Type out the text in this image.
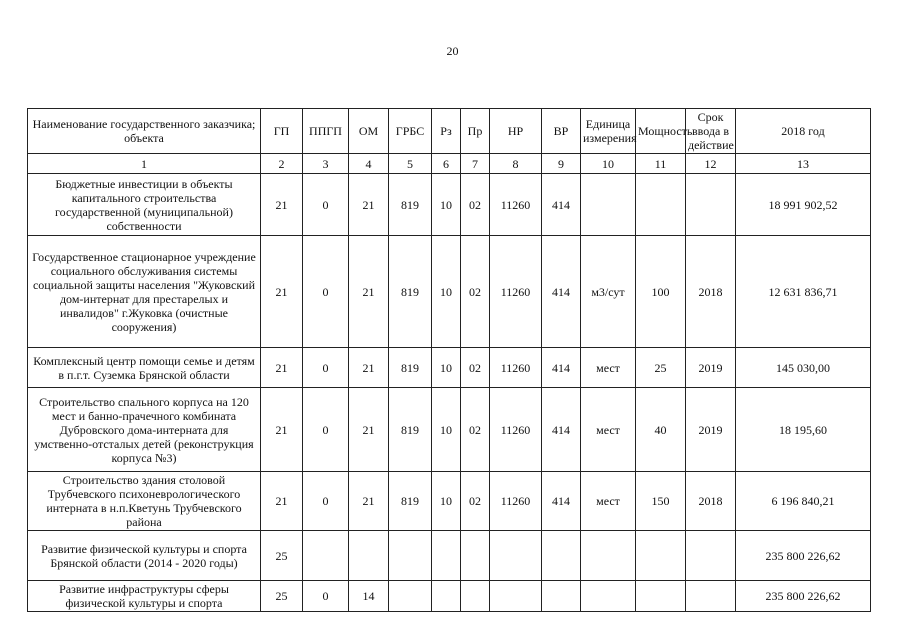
20
Наименование государственного заказчика; объекта	ГП	ППГП	ОМ	ГРБС	Рз	Пр	НР	ВР	Единица измерения	Мощность	Срок ввода в действие	2018 год
1	2	3	4	5	6	7	8	9	10	11	12	13
Бюджетные инвестиции в объекты капитального строительства государственной (муниципальной) собственности	21	0	21	819	10	02	11260	414				18 991 902,52
Государственное стационарное учреждение социального обслуживания системы социальной защиты населения "Жуковский дом-интернат для престарелых и инвалидов" г.Жуковка (очистные сооружения)	21	0	21	819	10	02	11260	414	м3/сут	100	2018	12 631 836,71
Комплексный центр помощи семье и детям в п.г.т. Суземка Брянской области	21	0	21	819	10	02	11260	414	мест	25	2019	145 030,00
Строительство спального корпуса на 120 мест и банно-прачечного комбината Дубровского дома-интерната для умственно-отсталых детей (реконструкция корпуса №3)	21	0	21	819	10	02	11260	414	мест	40	2019	18 195,60
Строительство здания столовой Трубчевского психоневрологического интерната в н.п.Кветунь Трубчевского района	21	0	21	819	10	02	11260	414	мест	150	2018	6 196 840,21
Развитие физической культуры и спорта Брянской области (2014 - 2020 годы)	25											235 800 226,62
Развитие инфраструктуры сферы физической культуры и спорта	25	0	14									235 800 226,62
